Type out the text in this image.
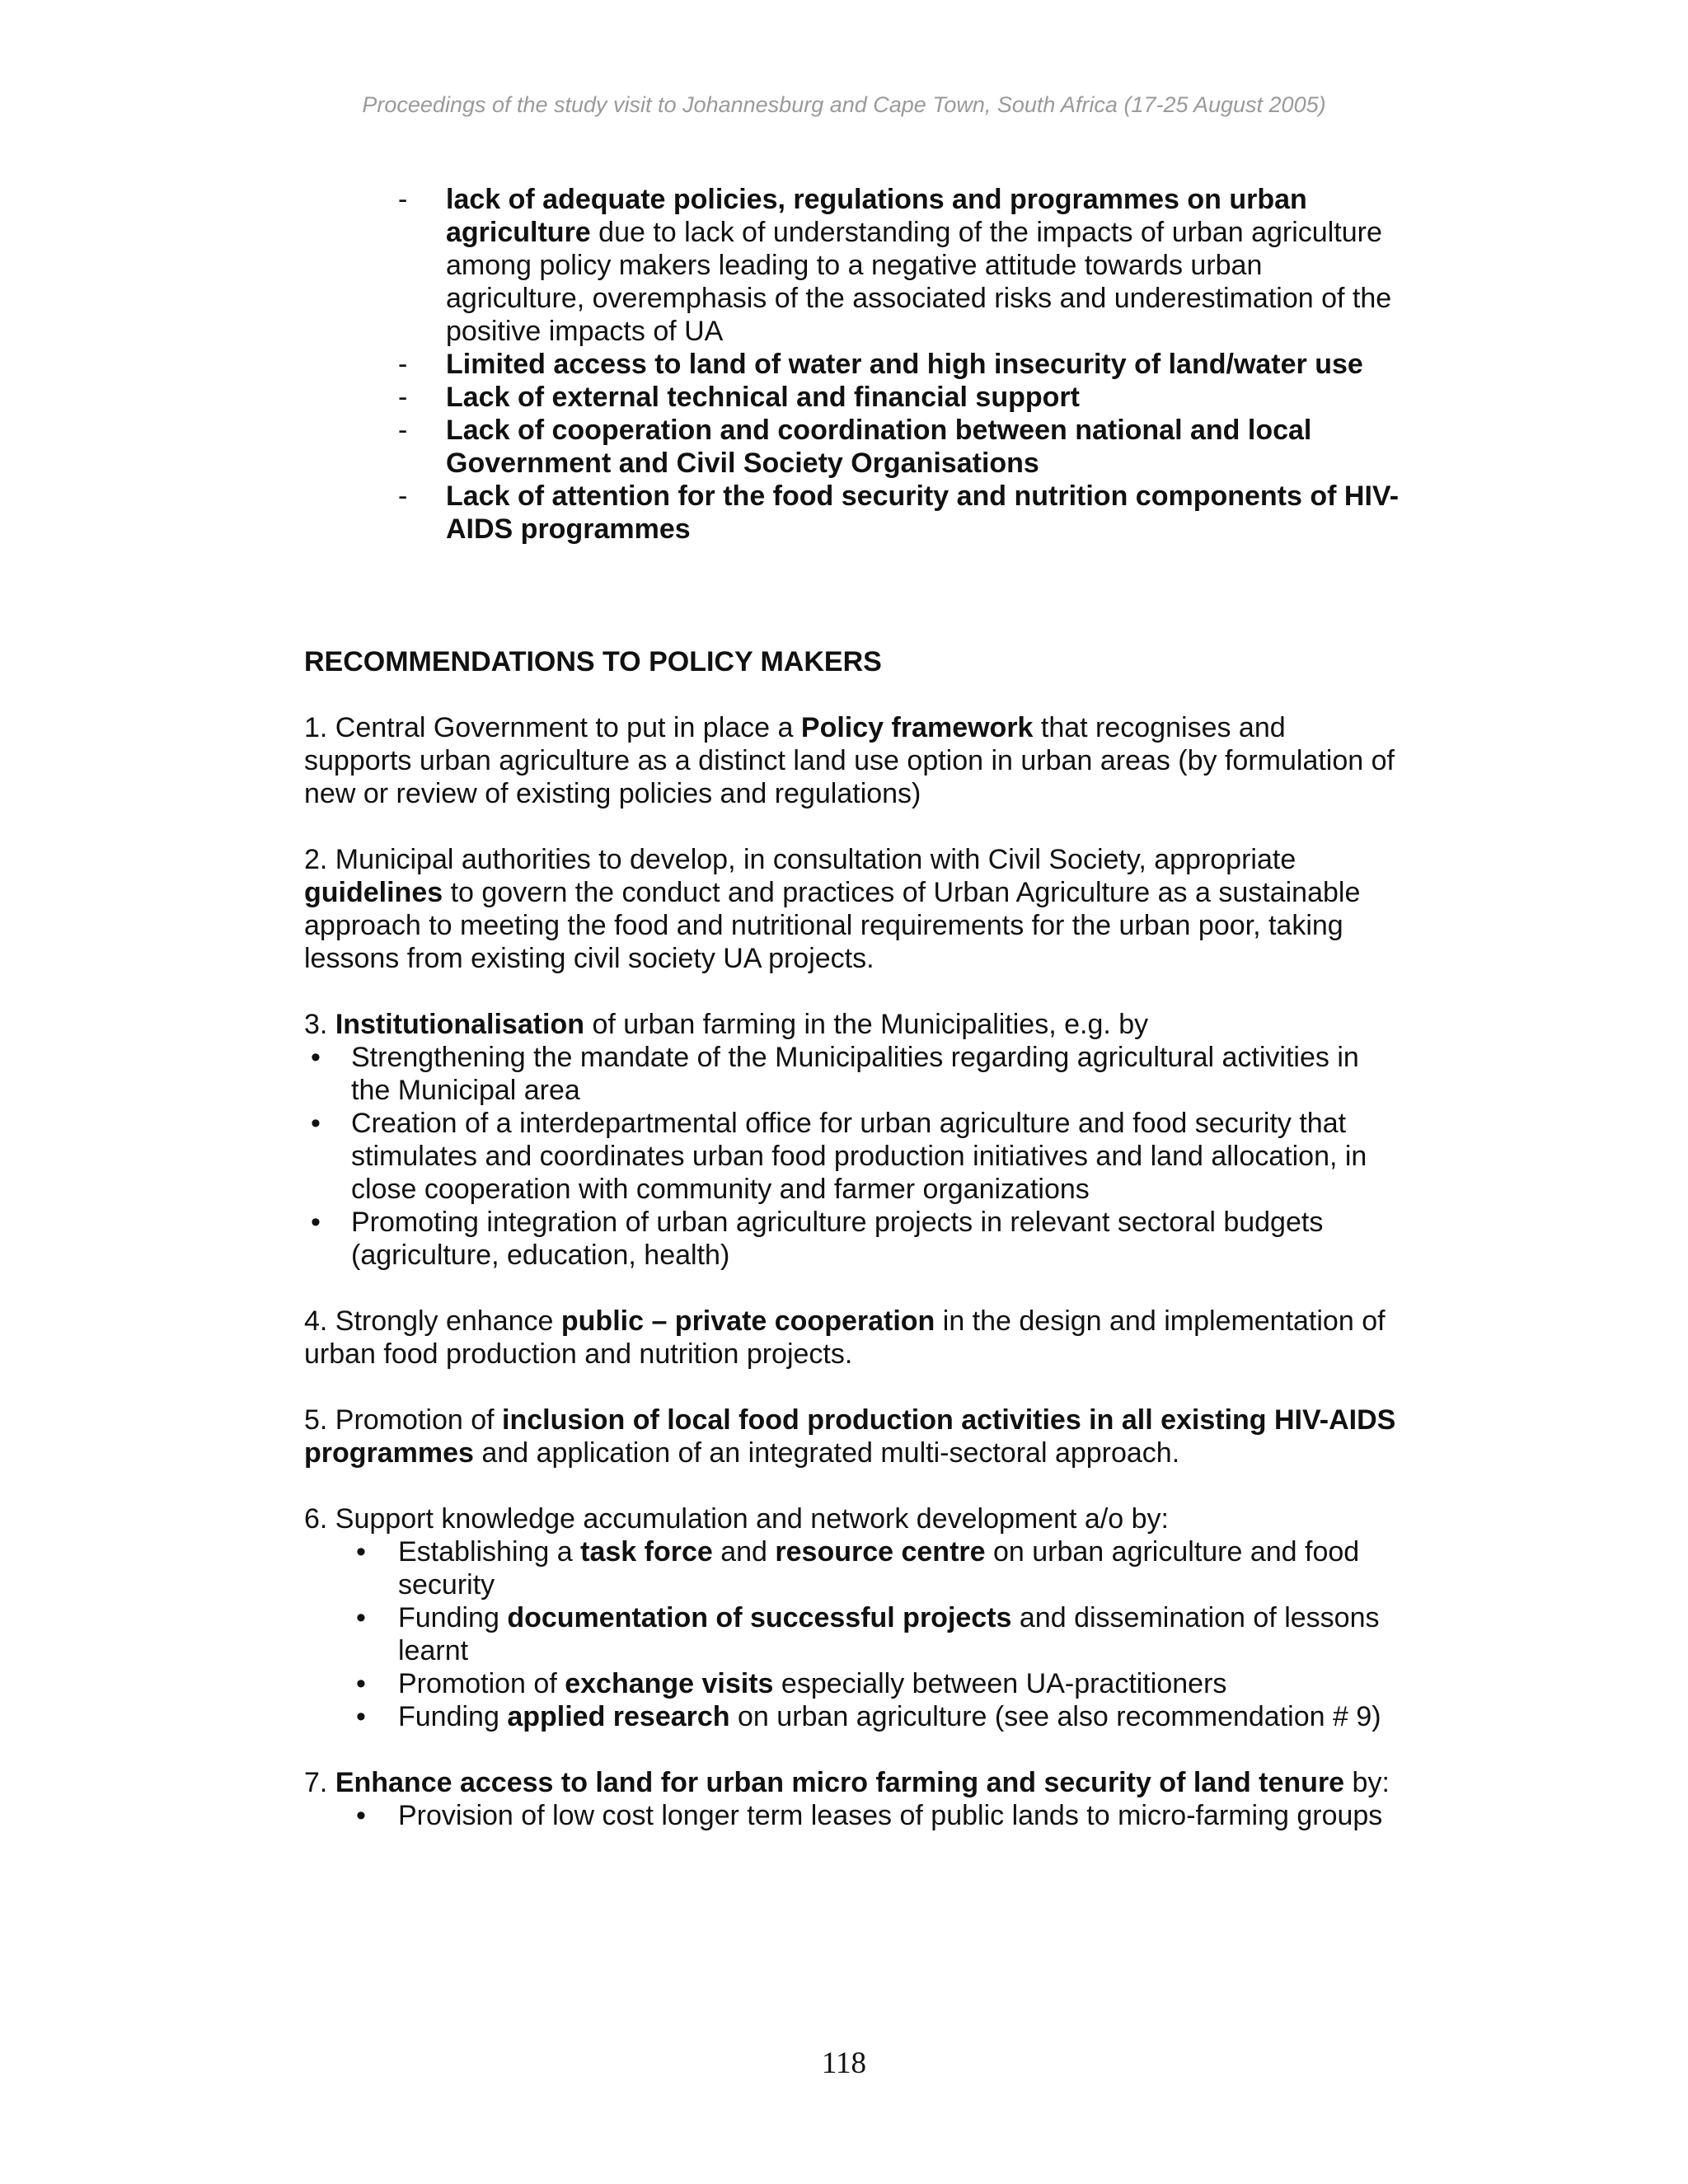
Proceedings of the study visit to Johannesburg and Cape Town, South Africa (17-25 August 2005)
- lack of adequate policies, regulations and programmes on urban agriculture due to lack of understanding of the impacts of urban agriculture among policy makers leading to a negative attitude towards urban agriculture, overemphasis of the associated risks and underestimation of the positive impacts of UA
- Limited access to land of water and high insecurity of land/water use
- Lack of external technical and financial support
- Lack of cooperation and coordination between national and local Government and Civil Society Organisations
- Lack of attention for the food security and nutrition components of HIV-AIDS programmes

RECOMMENDATIONS TO POLICY MAKERS

1. Central Government to put in place a Policy framework that recognises and supports urban agriculture as a distinct land use option in urban areas (by formulation of new or review of existing policies and regulations)

2. Municipal authorities to develop, in consultation with Civil Society, appropriate guidelines to govern the conduct and practices of Urban Agriculture as a sustainable approach to meeting the food and nutritional requirements for the urban poor, taking lessons from existing civil society UA projects.

3. Institutionalisation of urban farming in the Municipalities, e.g. by

• Strengthening the mandate of the Municipalities regarding agricultural activities in the Municipal area
• Creation of a interdepartmental office for urban agriculture and food security that stimulates and coordinates urban food production initiatives and land allocation, in close cooperation with community and farmer organizations
• Promoting integration of urban agriculture projects in relevant sectoral budgets (agriculture, education, health)

4. Strongly enhance public – private cooperation in the design and implementation of urban food production and nutrition projects.

5. Promotion of inclusion of local food production activities in all existing HIV-AIDS programmes and application of an integrated multi-sectoral approach.

6. Support knowledge accumulation and network development a/o by:

• Establishing a task force and resource centre on urban agriculture and food security
• Funding documentation of successful projects and dissemination of lessons learnt
• Promotion of exchange visits especially between UA-practitioners
• Funding applied research on urban agriculture (see also recommendation # 9)

7. Enhance access to land for urban micro farming and security of land tenure by:

• Provision of low cost longer term leases of public lands to micro-farming groups
118
